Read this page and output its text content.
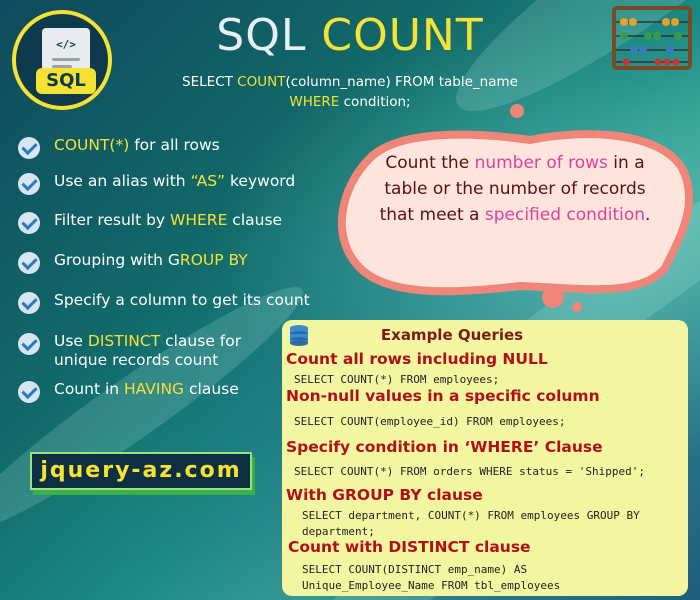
</>
SQL
SQL COUNT
SELECT COUNT(column_name) FROM table_name
WHERE condition;
COUNT(*) for all rows
Use an alias with “AS” keyword
Filter result by WHERE clause
Grouping with GROUP BY
Specify a column to get its count
Use DISTINCT clause for
unique records count
Count in HAVING clause
Count the number of rows in a table or the number of records that meet a specified condition.
jquery-az.com
Example Queries
Count all rows including NULL
SELECT COUNT(*) FROM employees;
Non-null values in a specific column
SELECT COUNT(employee_id) FROM employees;
Specify condition in ‘WHERE’ Clause
SELECT COUNT(*) FROM orders WHERE status = 'Shipped';
With GROUP BY clause
SELECT department, COUNT(*) FROM employees GROUP BY
department;
Count with DISTINCT clause
SELECT COUNT(DISTINCT emp_name) AS
Unique_Employee_Name FROM tbl_employees
